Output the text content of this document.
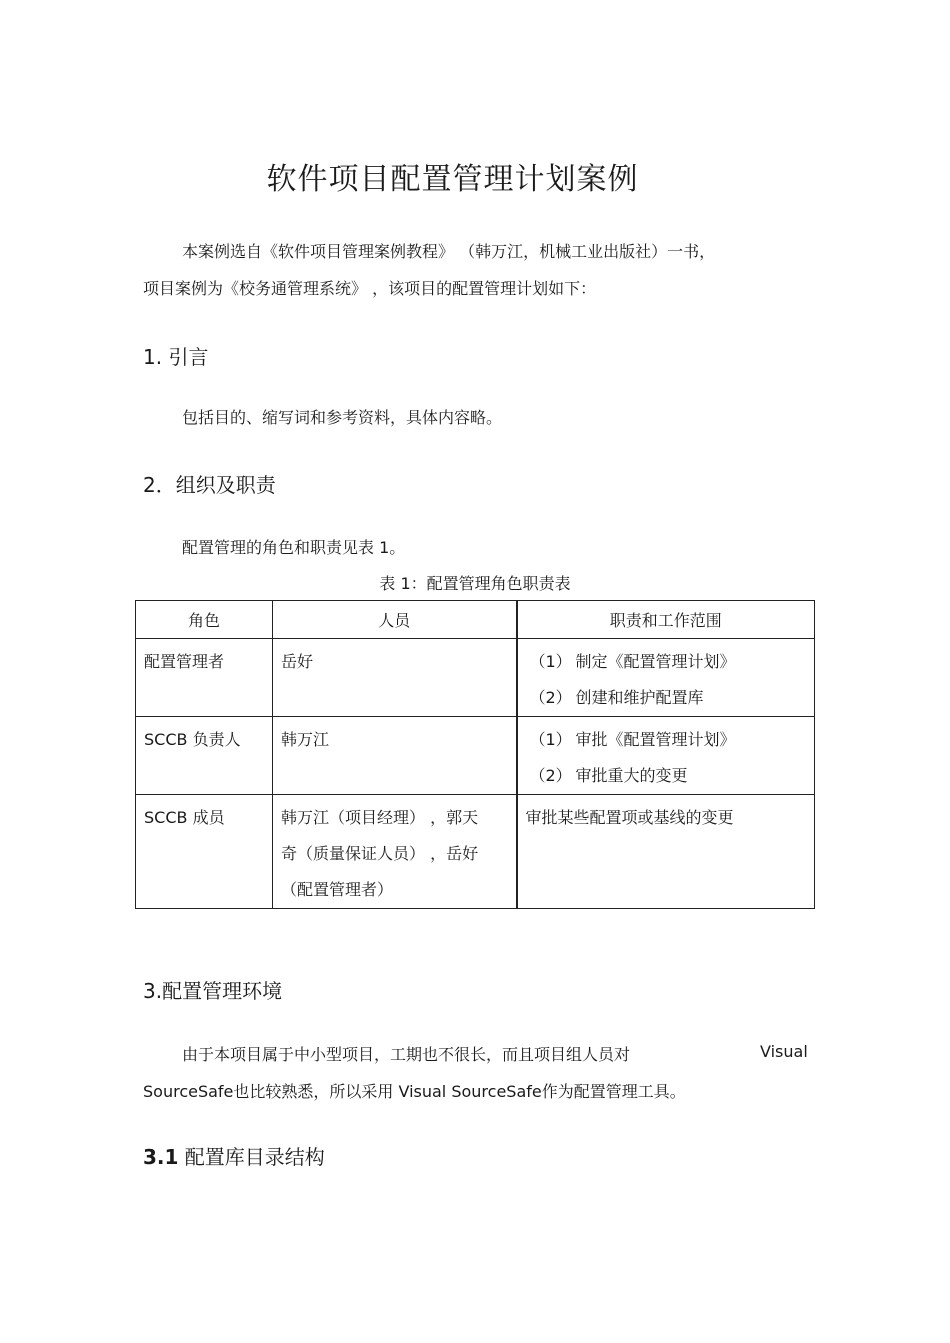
软件项目配置管理计划案例
本案例选自《软件项目管理案例教程》 （韩万江，机械工业出版社）一书，
项目案例为《校务通管理系统》 ，该项目的配置管理计划如下：
1. 引言
包括目的、缩写词和参考资料，具体内容略。
2．组织及职责
配置管理的角色和职责见表 1。
表 1：配置管理角色职责表
角色	人员	职责和工作范围

配置管理者	岳好	（1） 制定《配置管理计划》
（2） 创建和维护配置库

SCCB 负责人	韩万江	（1） 审批《配置管理计划》
（2） 审批重大的变更

SCCB 成员	韩万江（项目经理） ，郭天
奇（质量保证人员） ，岳好
（配置管理者）	审批某些配置项或基线的变更
3.配置管理环境
由于本项目属于中小型项目，工期也不很长，而且项目组人员对	Visual
SourceSafe也比较熟悉，所以采用 Visual SourceSafe作为配置管理工具。
3.1 配置库目录结构
